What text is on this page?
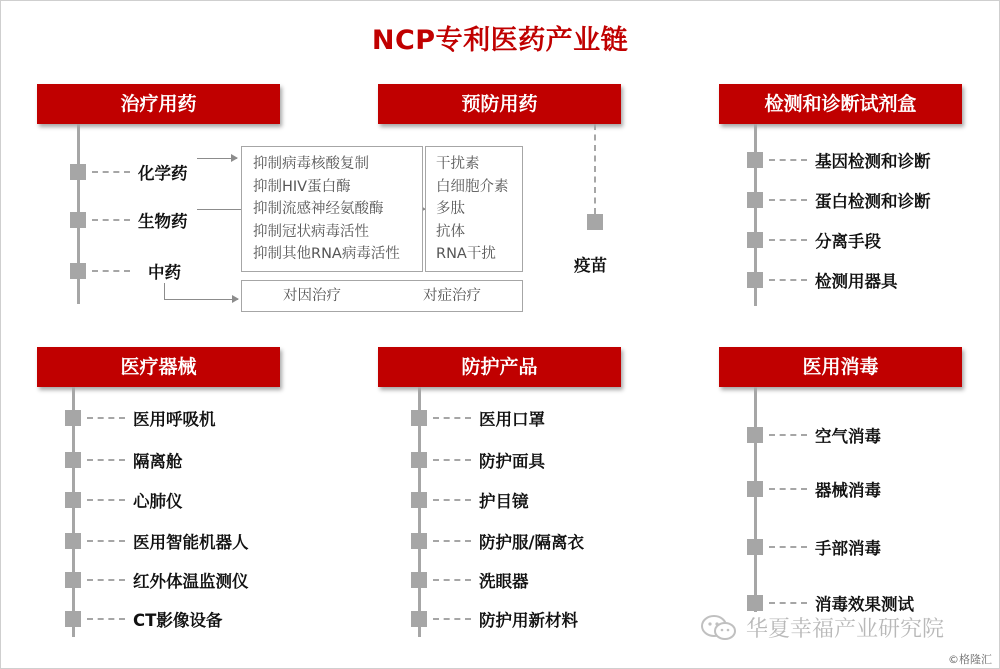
NCP专利医药产业链
治疗用药
化学药
生物药
中药
抑制病毒核酸复制
抑制HIV蛋白酶
抑制流感神经氨酸酶
抑制冠状病毒活性
抑制其他RNA病毒活性
干扰素
白细胞介素
多肽
抗体
RNA干扰
对因治疗	对症治疗
预防用药
疫苗
检测和诊断试剂盒
基因检测和诊断
蛋白检测和诊断
分离手段
检测用器具
医疗器械
医用呼吸机
隔离舱
心肺仪
医用智能机器人
红外体温监测仪
CT影像设备
防护产品
医用口罩
防护面具
护目镜
防护服/隔离衣
洗眼器
防护用新材料
医用消毒
空气消毒
器械消毒
手部消毒
消毒效果测试
华夏幸福产业研究院
©格隆汇
